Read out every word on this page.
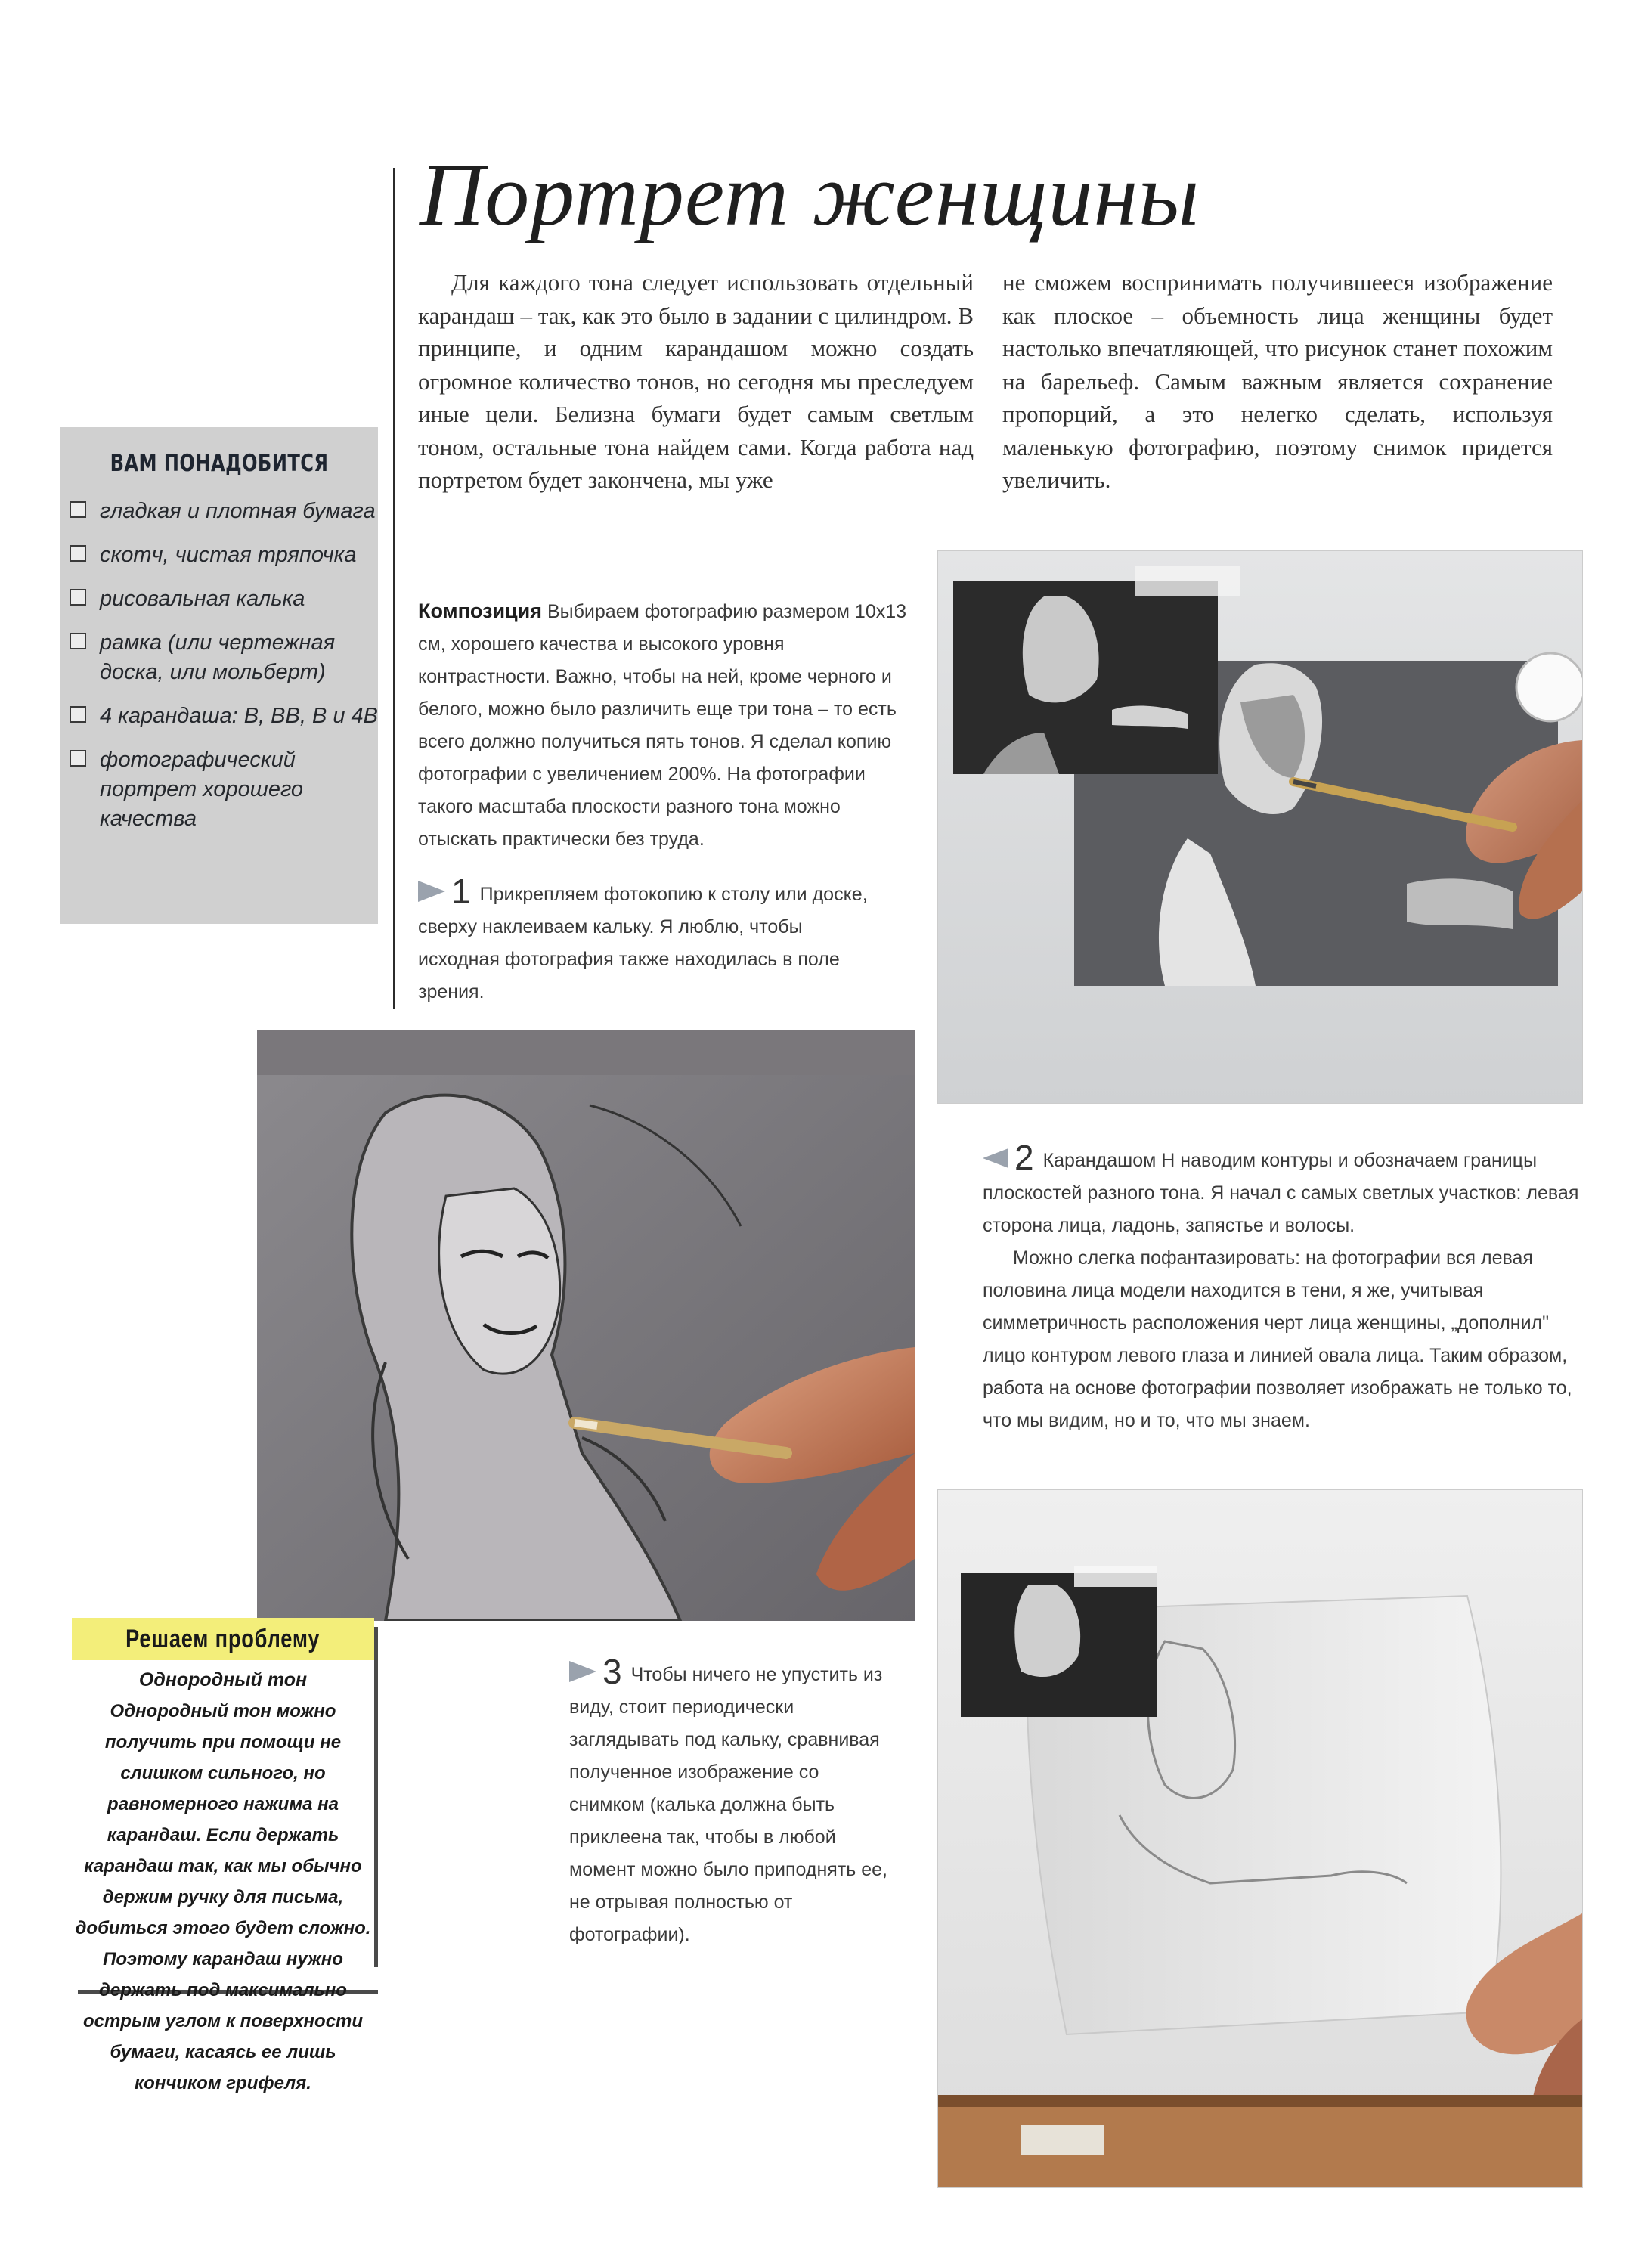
Портрет женщины

Для каждого тона следует использовать отдельный карандаш – так, как это было в задании с цилиндром. В принципе, и одним карандашом можно создать огромное количество тонов, но сегодня мы преследуем иные цели. Белизна бумаги будет самым светлым тоном, остальные тона найдем сами. Когда работа над портретом будет закончена, мы уже

не сможем воспринимать получившееся изображение как плоское – объемность лица женщины будет настолько впечатляющей, что рисунок станет похожим на барельеф. Самым важным является сохранение пропорций, а это нелегко сделать, используя маленькую фотографию, поэтому снимок придется увеличить.

ВАМ ПОНАДОБИТСЯ
гладкая и плотная бумага
скотч, чистая тряпочка
рисовальная калька
рамка (или чертежная доска, или мольберт)
4 карандаша: В, ВВ, В и 4В
фотографический портрет хорошего качества

Композиция Выбираем фотографию размером 10x13 см, хорошего качества и высокого уровня контрастности. Важно, чтобы на ней, кроме черного и белого, можно было различить еще три тона – то есть всего должно получиться пять тонов. Я сделал копию фотографии с увеличением 200%. На фотографии такого масштаба плоскости разного тона можно отыскать практически без труда.

1 Прикрепляем фотокопию к столу или доске, сверху наклеиваем кальку. Я люблю, чтобы исходная фотография также находилась в поле зрения.

2 Карандашом Н наводим контуры и обозначаем границы плоскостей разного тона. Я начал с самых светлых участков: левая сторона лица, ладонь, запястье и волосы.

Можно слегка пофантазировать: на фотографии вся левая половина лица модели находится в тени, я же, учитывая симметричность расположения черт лица женщины, „дополнил" лицо контуром левого глаза и линией овала лица. Таким образом, работа на основе фотографии позволяет изображать не только то, что мы видим, но и то, что мы знаем.

Решаем проблему
Однородный тон
Однородный тон можно получить при помощи не слишком сильного, но равномерного нажима на карандаш. Если держать карандаш так, как мы обычно держим ручку для письма, добиться этого будет сложно. Поэтому карандаш нужно держать под максимально острым углом к поверхности бумаги, касаясь ее лишь кончиком грифеля.

3 Чтобы ничего не упустить из виду, стоит периодически заглядывать под кальку, сравнивая полученное изображение со снимком (калька должна быть приклеена так, чтобы в любой момент можно было приподнять ее, не отрывая полностью от фотографии).
